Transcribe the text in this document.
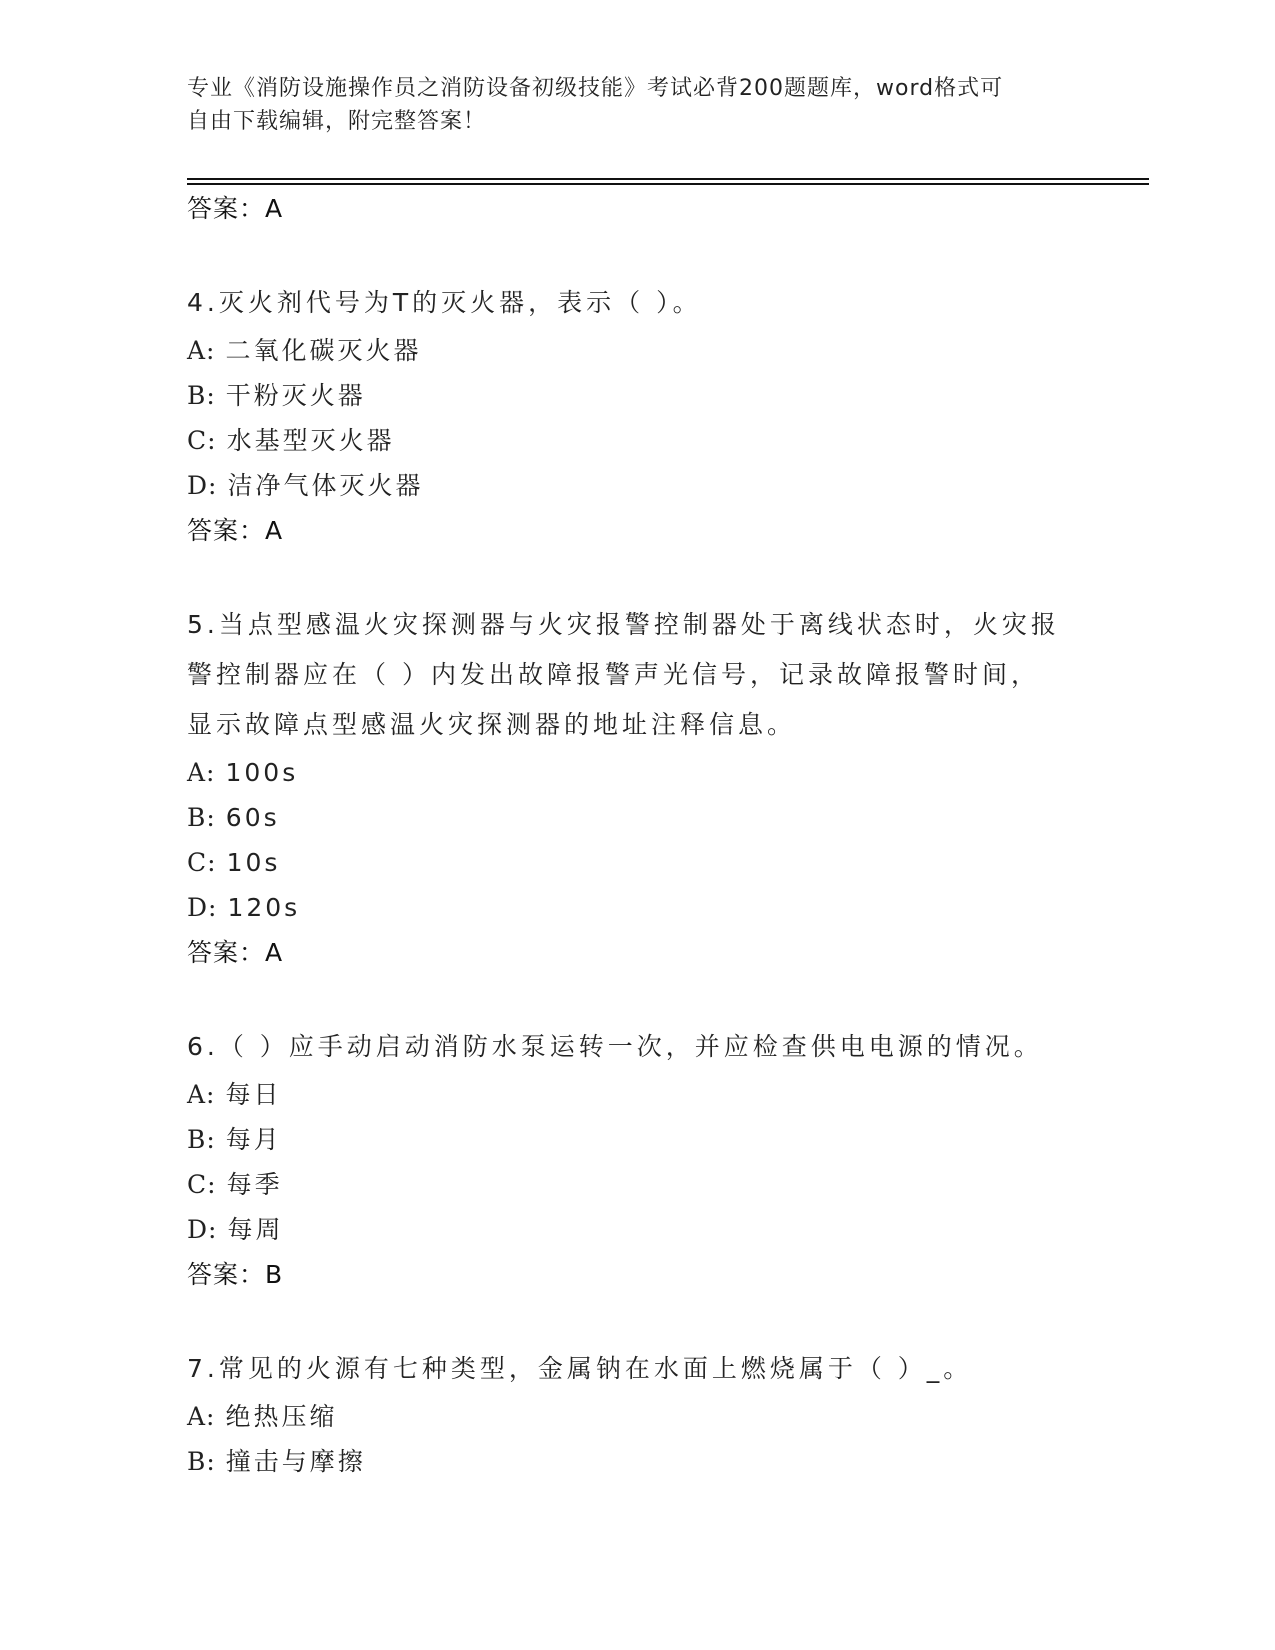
专业《消防设施操作员之消防设备初级技能》考试必背200题题库，word格式可
自由下载编辑，附完整答案！
答案：A
4.灭火剂代号为T的灭火器，表示（ ）。
A: 二氧化碳灭火器
B: 干粉灭火器
C: 水基型灭火器
D: 洁净气体灭火器
答案：A
5.当点型感温火灾探测器与火灾报警控制器处于离线状态时，火灾报
警控制器应在（ ）内发出故障报警声光信号，记录故障报警时间，
显示故障点型感温火灾探测器的地址注释信息。
A: 100s
B: 60s
C: 10s
D: 120s
答案：A
6.（ ）应手动启动消防水泵运转一次，并应检查供电电源的情况。
A: 每日
B: 每月
C: 每季
D: 每周
答案：B
7.常见的火源有七种类型，金属钠在水面上燃烧属于（ ）_。
A: 绝热压缩
B: 撞击与摩擦
